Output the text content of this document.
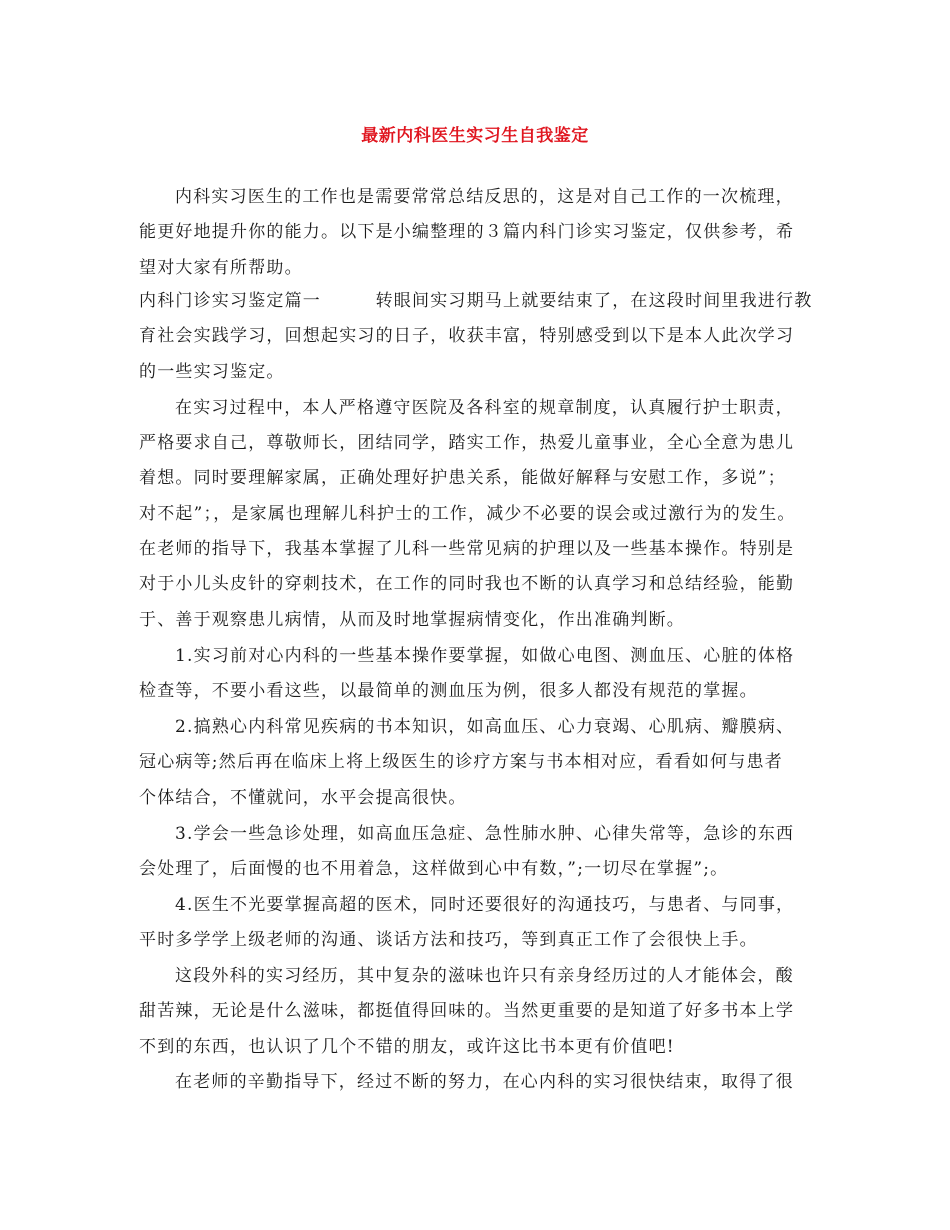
最新内科医生实习生自我鉴定
内科实习医生的工作也是需要常常总结反思的，这是对自己工作的一次梳理，
能更好地提升你的能力。以下是小编整理的３篇内科门诊实习鉴定，仅供参考，希
望对大家有所帮助。
内科门诊实习鉴定篇一　　　转眼间实习期马上就要结束了，在这段时间里我进行教
育社会实践学习，回想起实习的日子，收获丰富，特别感受到以下是本人此次学习
的一些实习鉴定。
在实习过程中，本人严格遵守医院及各科室的规章制度，认真履行护士职责，
严格要求自己，尊敬师长，团结同学，踏实工作，热爱儿童事业，全心全意为患儿
着想。同时要理解家属，正确处理好护患关系，能做好解释与安慰工作，多说”；
对不起”；，是家属也理解儿科护士的工作，减少不必要的误会或过激行为的发生。
在老师的指导下，我基本掌握了儿科一些常见病的护理以及一些基本操作。特别是
对于小儿头皮针的穿刺技术，在工作的同时我也不断的认真学习和总结经验，能勤
于、善于观察患儿病情，从而及时地掌握病情变化，作出准确判断。
1.实习前对心内科的一些基本操作要掌握，如做心电图、测血压、心脏的体格
检查等，不要小看这些，以最简单的测血压为例，很多人都没有规范的掌握。
2.搞熟心内科常见疾病的书本知识，如高血压、心力衰竭、心肌病、瓣膜病、
冠心病等;然后再在临床上将上级医生的诊疗方案与书本相对应，看看如何与患者
个体结合，不懂就问，水平会提高很快。
3.学会一些急诊处理，如高血压急症、急性肺水肿、心律失常等，急诊的东西
会处理了，后面慢的也不用着急，这样做到心中有数，”;一切尽在掌握”;。
4.医生不光要掌握高超的医术，同时还要很好的沟通技巧，与患者、与同事，
平时多学学上级老师的沟通、谈话方法和技巧，等到真正工作了会很快上手。
这段外科的实习经历，其中复杂的滋味也许只有亲身经历过的人才能体会，酸
甜苦辣，无论是什么滋味，都挺值得回味的。当然更重要的是知道了好多书本上学
不到的东西，也认识了几个不错的朋友，或许这比书本更有价值吧!
在老师的辛勤指导下，经过不断的努力，在心内科的实习很快结束，取得了很
